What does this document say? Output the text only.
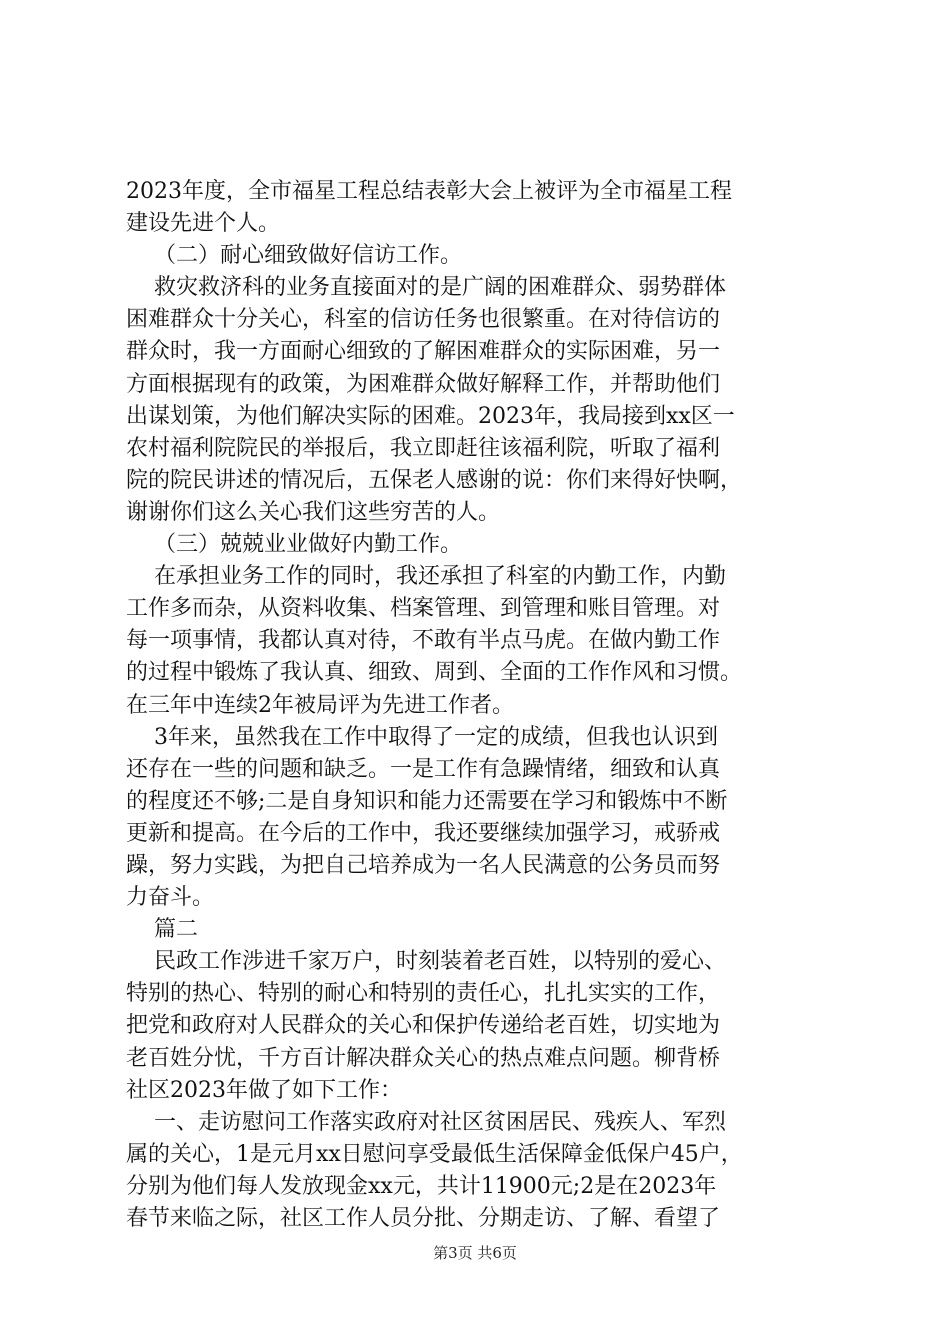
2023年度，全市福星工程总结表彰大会上被评为全市福星工程
建设先进个人。
（二）耐心细致做好信访工作。
救灾救济科的业务直接面对的是广阔的困难群众、弱势群体
困难群众十分关心，科室的信访任务也很繁重。在对待信访的
群众时，我一方面耐心细致的了解困难群众的实际困难，另一
方面根据现有的政策，为困难群众做好解释工作，并帮助他们
出谋划策，为他们解决实际的困难。2023年，我局接到xx区一
农村福利院院民的举报后，我立即赶往该福利院，听取了福利
院的院民讲述的情况后，五保老人感谢的说：你们来得好快啊，
谢谢你们这么关心我们这些穷苦的人。
（三）兢兢业业做好内勤工作。
在承担业务工作的同时，我还承担了科室的内勤工作，内勤
工作多而杂，从资料收集、档案管理、到管理和账目管理。对
每一项事情，我都认真对待，不敢有半点马虎。在做内勤工作
的过程中锻炼了我认真、细致、周到、全面的工作作风和习惯。
在三年中连续2年被局评为先进工作者。
3年来，虽然我在工作中取得了一定的成绩，但我也认识到
还存在一些的问题和缺乏。一是工作有急躁情绪，细致和认真
的程度还不够;二是自身知识和能力还需要在学习和锻炼中不断
更新和提高。在今后的工作中，我还要继续加强学习，戒骄戒
躁，努力实践，为把自己培养成为一名人民满意的公务员而努
力奋斗。
篇二
民政工作涉进千家万户，时刻装着老百姓，以特别的爱心、
特别的热心、特别的耐心和特别的责任心，扎扎实实的工作，
把党和政府对人民群众的关心和保护传递给老百姓，切实地为
老百姓分忧，千方百计解决群众关心的热点难点问题。柳背桥
社区2023年做了如下工作：
一、走访慰问工作落实政府对社区贫困居民、残疾人、军烈
属的关心，1是元月xx日慰问享受最低生活保障金低保户45户，
分别为他们每人发放现金xx元，共计11900元;2是在2023年
春节来临之际，社区工作人员分批、分期走访、了解、看望了
第3页 共6页
